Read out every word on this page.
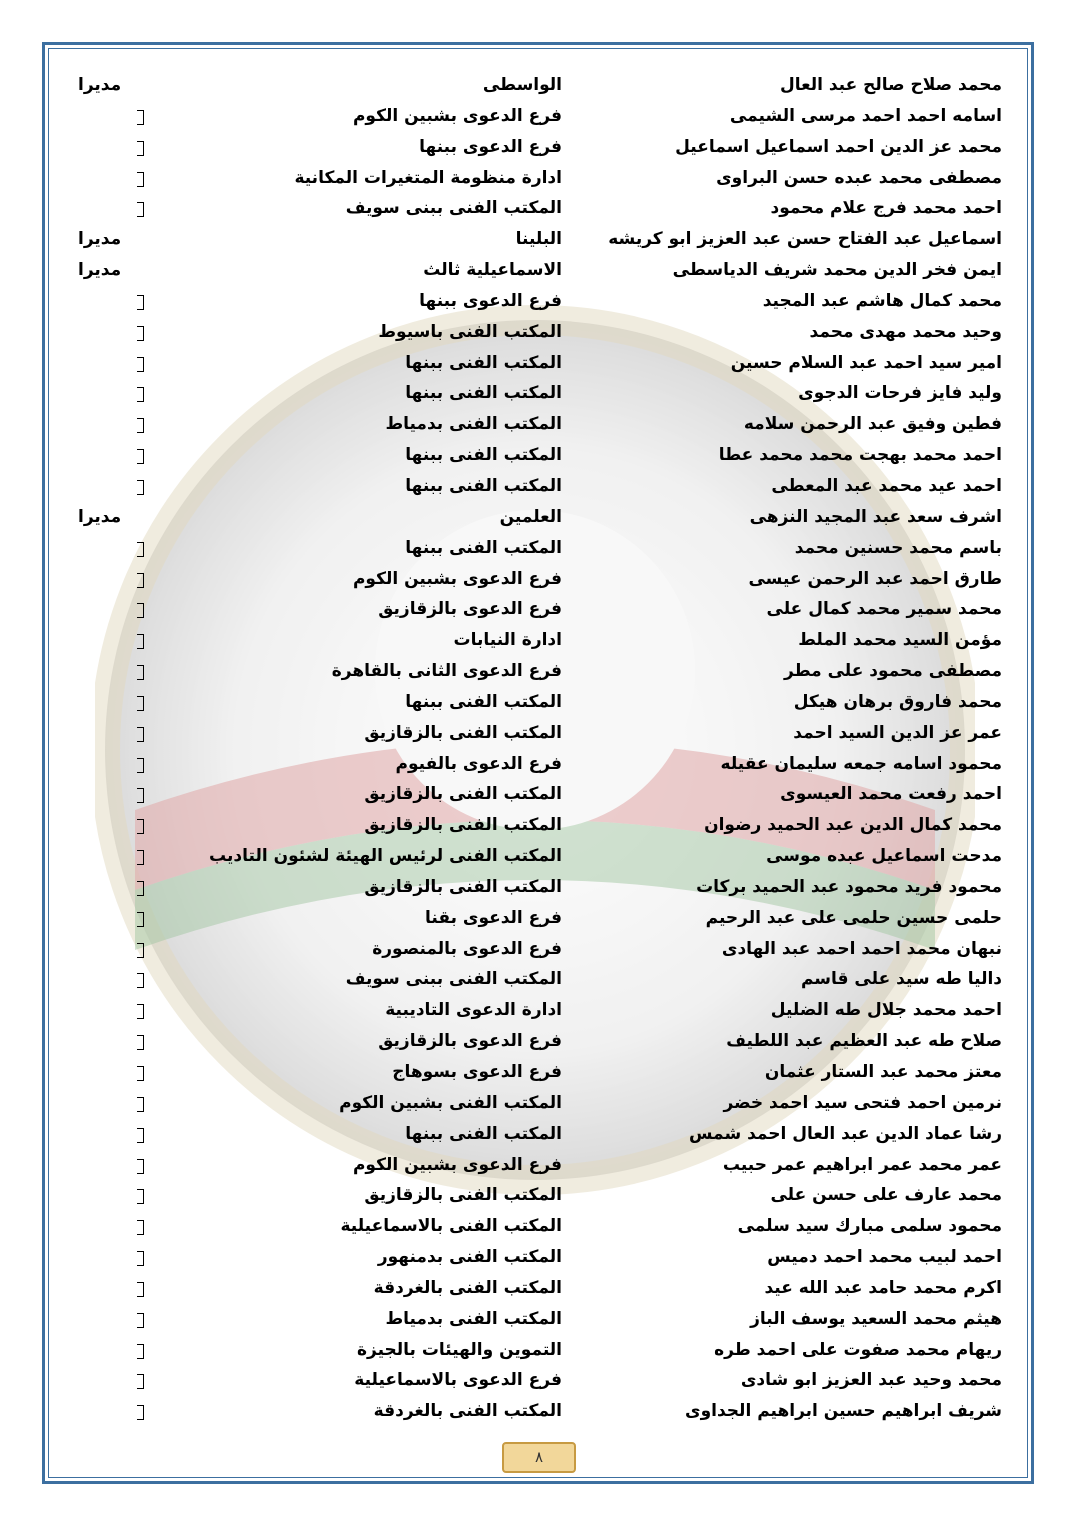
محمد صلاح صالح عبد العال
الواسطى
مديرا
اسامه احمد احمد مرسى الشيمى
فرع الدعوى بشبين الكوم
محمد عز الدين احمد اسماعيل اسماعيل
فرع الدعوى ببنها
مصطفى محمد عبده حسن البراوى
ادارة منظومة المتغيرات المكانية
احمد محمد فرج علام محمود
المكتب الفنى ببنى سويف
اسماعيل عبد الفتاح حسن عبد العزيز ابو كريشه
البلينا
مديرا
ايمن فخر الدين محمد شريف الدياسطى
الاسماعيلية ثالث
مديرا
محمد كمال هاشم عبد المجيد
فرع الدعوى ببنها
وحيد محمد مهدى محمد
المكتب الفنى باسيوط
امير سيد احمد عبد السلام حسين
المكتب الفنى ببنها
وليد فايز فرحات الدجوى
المكتب الفنى ببنها
فطين وفيق عبد الرحمن سلامه
المكتب الفنى بدمياط
احمد محمد بهجت محمد محمد عطا
المكتب الفنى ببنها
احمد عيد محمد عبد المعطى
المكتب الفنى ببنها
اشرف سعد عبد المجيد النزهى
العلمين
مديرا
باسم محمد حسنين محمد
المكتب الفنى ببنها
طارق احمد عبد الرحمن عيسى
فرع الدعوى بشبين الكوم
محمد سمير محمد كمال على
فرع الدعوى بالزقازيق
مؤمن السيد محمد الملط
ادارة النيابات
مصطفى محمود على مطر
فرع الدعوى الثانى بالقاهرة
محمد فاروق برهان هيكل
المكتب الفنى ببنها
عمر عز الدين السيد احمد
المكتب الفنى بالزقازيق
محمود اسامه جمعه سليمان عقيله
فرع الدعوى بالفيوم
احمد رفعت محمد العيسوى
المكتب الفنى بالزقازيق
محمد كمال الدين عبد الحميد رضوان
المكتب الفنى بالزقازيق
مدحت اسماعيل عبده موسى
المكتب الفنى لرئيس الهيئة لشئون التاديب
محمود فريد محمود عبد الحميد بركات
المكتب الفنى بالزقازيق
حلمى حسين حلمى على عبد الرحيم
فرع الدعوى بقنا
نبهان محمد احمد احمد عبد الهادى
فرع الدعوى بالمنصورة
داليا طه سيد على قاسم
المكتب الفنى ببنى سويف
احمد محمد جلال طه الضليل
ادارة الدعوى التاديبية
صلاح طه عبد العظيم عبد اللطيف
فرع الدعوى بالزقازيق
معتز محمد عبد الستار عثمان
فرع الدعوى بسوهاج
نرمين احمد فتحى سيد احمد خضر
المكتب الفنى بشبين الكوم
رشا عماد الدين عبد العال احمد شمس
المكتب الفنى ببنها
عمر محمد عمر ابراهيم عمر حبيب
فرع الدعوى بشبين الكوم
محمد عارف على حسن على
المكتب الفنى بالزقازيق
محمود سلمى مبارك سيد سلمى
المكتب الفنى بالاسماعيلية
احمد لبيب محمد احمد دميس
المكتب الفنى بدمنهور
اكرم محمد حامد عبد الله عيد
المكتب الفنى بالغردقة
هيثم محمد السعيد يوسف الباز
المكتب الفنى بدمياط
ريهام محمد صفوت على احمد طره
التموين والهيئات بالجيزة
محمد وحيد عبد العزيز ابو شادى
فرع الدعوى بالاسماعيلية
شريف ابراهيم حسين ابراهيم الجداوى
المكتب الفنى بالغردقة
٨
